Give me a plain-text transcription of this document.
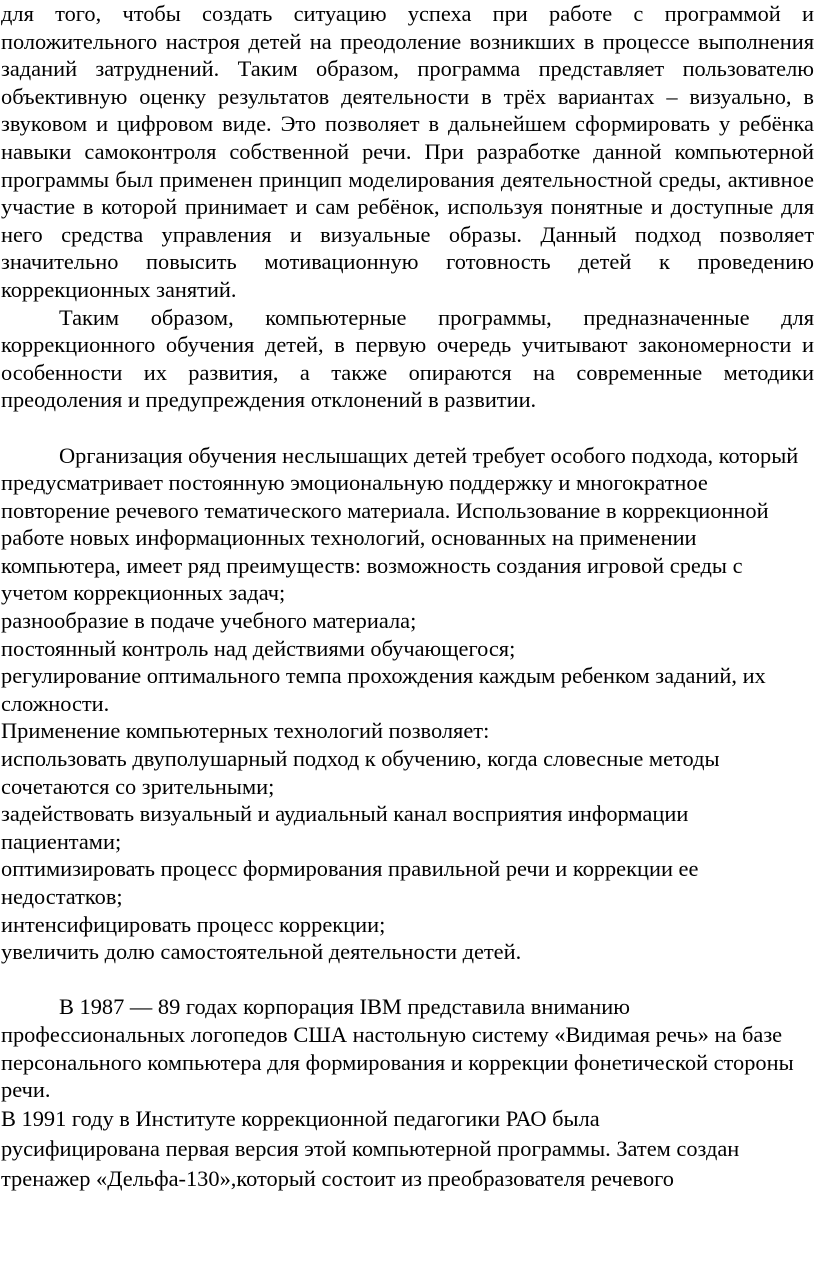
для того, чтобы создать ситуацию успеха при работе с программой и положительного настроя детей на преодоление возникших в процессе выполнения заданий затруднений. Таким образом, программа представляет пользователю объективную оценку результатов деятельности в трёх вариантах – визуально, в звуковом и цифровом виде. Это позволяет в дальнейшем сформировать у ребёнка навыки самоконтроля собственной речи. При разработке данной компьютерной программы был применен принцип моделирования деятельностной среды, активное участие в которой принимает и сам ребёнок, используя понятные и доступные для него средства управления и визуальные образы. Данный подход позволяет значительно повысить мотивационную готовность детей к проведению коррекционных занятий.

Таким образом, компьютерные программы, предназначенные для коррекционного обучения детей, в первую очередь учитывают закономерности и особенности их развития, а также опираются на современные методики преодоления и предупреждения отклонений в развитии.

Организация обучения неслышащих детей требует особого подхода, который предусматривает постоянную эмоциональную поддержку и многократное повторение речевого тематического материала. Использование в коррекционной работе новых информационных технологий, основанных на применении компьютера, имеет ряд преимуществ: возможность создания игровой среды с учетом коррекционных задач;

разнообразие в подаче учебного материала;

постоянный контроль над действиями обучающегося;

регулирование оптимального темпа прохождения каждым ребенком заданий, их сложности.

Применение компьютерных технологий позволяет:

использовать двуполушарный подход к обучению, когда словесные методы сочетаются со зрительными;

задействовать визуальный и аудиальный канал восприятия информации пациентами;

оптимизировать процесс формирования правильной речи и коррекции ее недостатков;

интенсифицировать процесс коррекции;

увеличить долю самостоятельной деятельности детей.

В 1987 — 89 годах корпорация IBM представила вниманию профессиональных логопедов США настольную систему «Видимая речь» на базе персонального компьютера для формирования и коррекции фонетической стороны речи.

В 1991 году в Институте коррекционной педагогики РАО была

русифицирована первая версия этой компьютерной программы. Затем создан

тренажер «Дельфа-130»,который состоит из преобразователя речевого
